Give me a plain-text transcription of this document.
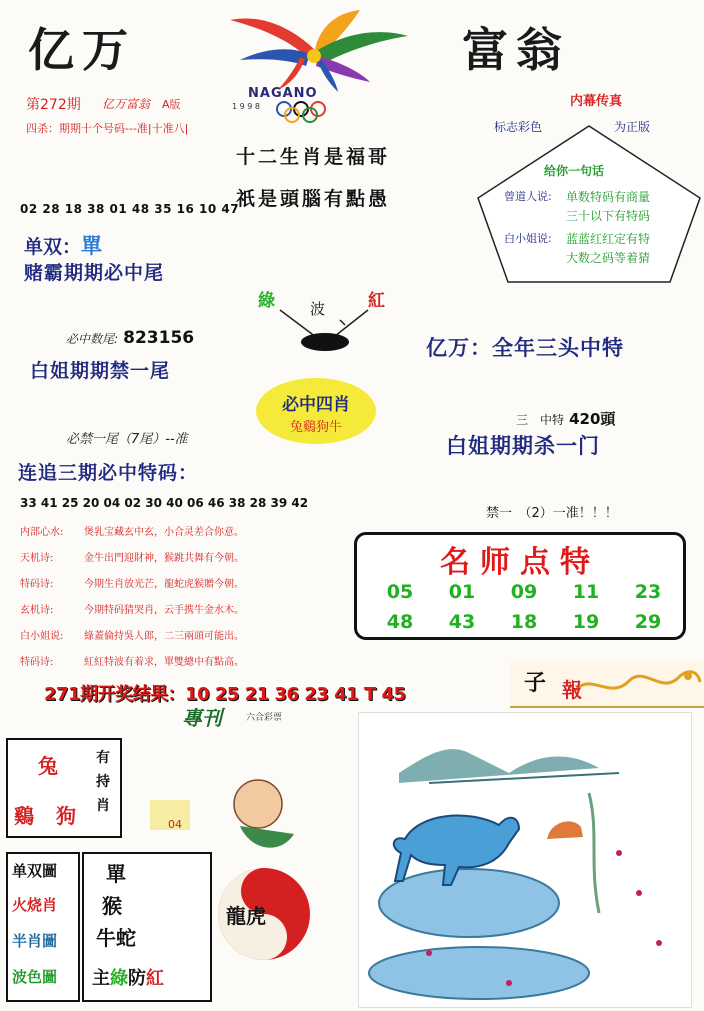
亿万	富翁
NAGANO
1 9 9 8
第272期 亿万富翁 A版
四杀：期期十个号码---准|十准八|
十二生肖是福哥
祇是頭腦有點愚
内幕传真
标志彩色	为正版
给你一句话
曾道人说: 单数特码有商量
三十以下有特码
白小姐说: 蓝蓝红红定有特
大数之码等着猜
02 28 18 38 01 48 35 16 10 47
单双：單
赌霸期期必中尾
必中数尾: 823156
白姐期期禁一尾
必禁一尾（7尾）--准
连追三期必中特码：
33 41 25 20 04 02 30 40 06 46 38 28 39 42
綠 波	紅
必中四肖
兔鷄狗牛
亿万：全年三头中特
三　中特 420頭
白姐期期杀一门
禁一　（2）一准！！！
内部心水: 煲乳宝藏玄中玄，小合灵差合你意。
天机诗:	金牛出門迎財神，猴跳共舞有今朝。
特码诗:	今期生肖放光芒，龍蛇虎猴贈今朝。
玄机诗:	今期特码猜哭肖，云手携牛金水木。
白小姐说: 綠蓋倫持吳人郎，二三兩頭可能出。
特码诗:	紅紅特波有着求，單雙總中有點高。
名师点特
05	01	09	11	23
48	43	18	19	29
271期开奖结果：10 25 21 36 23 41 T 45
專刊	六合彩票
子 報
兔
鷄 狗
有持肖
04
单双圖
火烧肖
半肖圖
波色圖
單
猴
牛蛇
主綠防紅
龍虎
